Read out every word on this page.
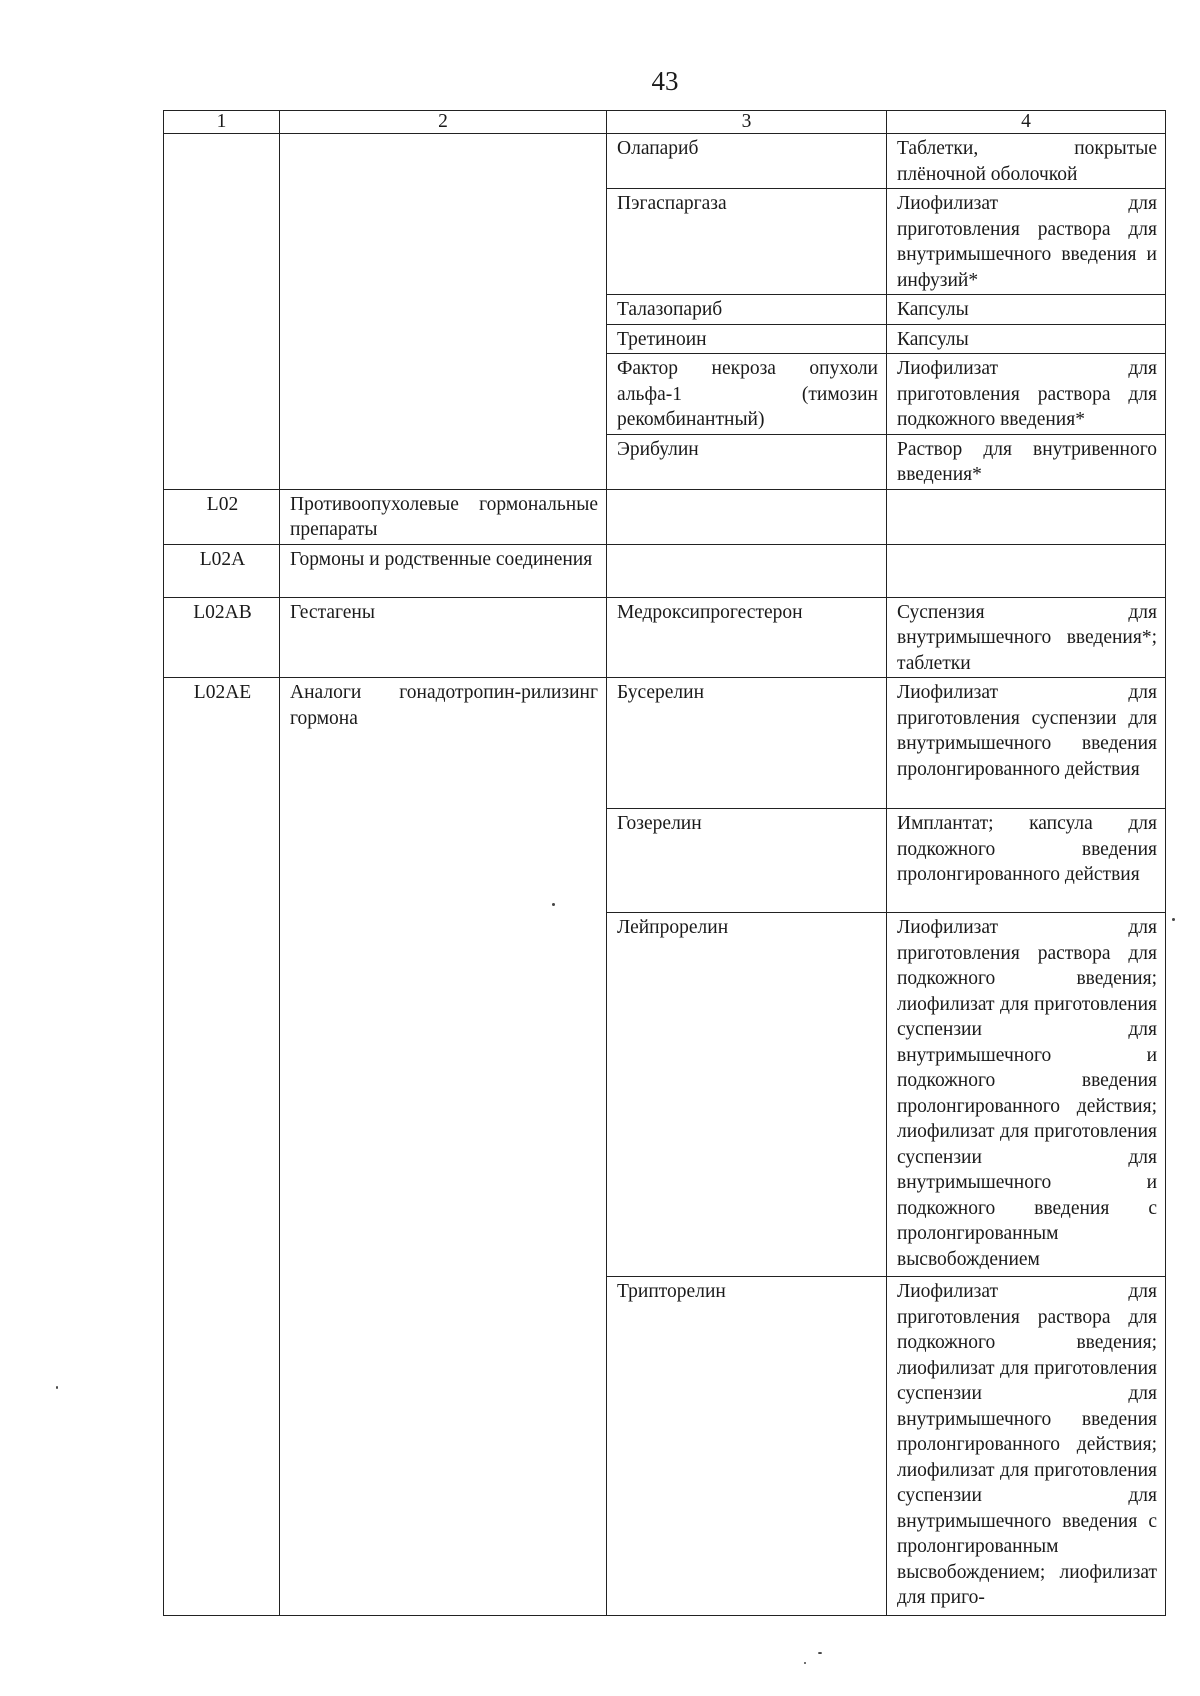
43
1	2	3	4
		Олапариб	Таблетки, покрытые плёночной оболочкой
		Пэгаспаргаза	Лиофилизат для приготовления раствора для внутримышечного введения и инфузий*
		Талазопариб	Капсулы
		Третиноин	Капсулы
		Фактор некроза опухоли альфа-1 (тимозин рекомбинантный)	Лиофилизат для приготовления раствора для подкожного введения*
		Эрибулин	Раствор для внутривенного введения*
L02	Противоопухолевые гормональные препараты		
L02A	Гормоны и родственные соединения		
L02AB	Гестагены	Медроксипрогестерон	Суспензия для внутримышечного введения*; таблетки
L02AE	Аналоги гонадотропин-рилизинг гормона	Бусерелин	Лиофилизат для приготовления суспензии для внутримышечного введения пролонгированного действия
		Гозерелин	Имплантат; капсула для подкожного введения пролонгированного действия
		Лейпрорелин	Лиофилизат для приготовления раствора для подкожного введения; лиофилизат для приготовления суспензии для внутримышечного и подкожного введения пролонгированного действия; лиофилизат для приготовления суспензии для внутримышечного и подкожного введения с пролонгированным высвобождением
		Трипторелин	Лиофилизат для приготовления раствора для подкожного введения; лиофилизат для приготовления суспензии для внутримышечного введения пролонгированного действия; лиофилизат для приготовления суспензии для внутримышечного введения с пролонгированным высвобождением; лиофилизат для приго-
